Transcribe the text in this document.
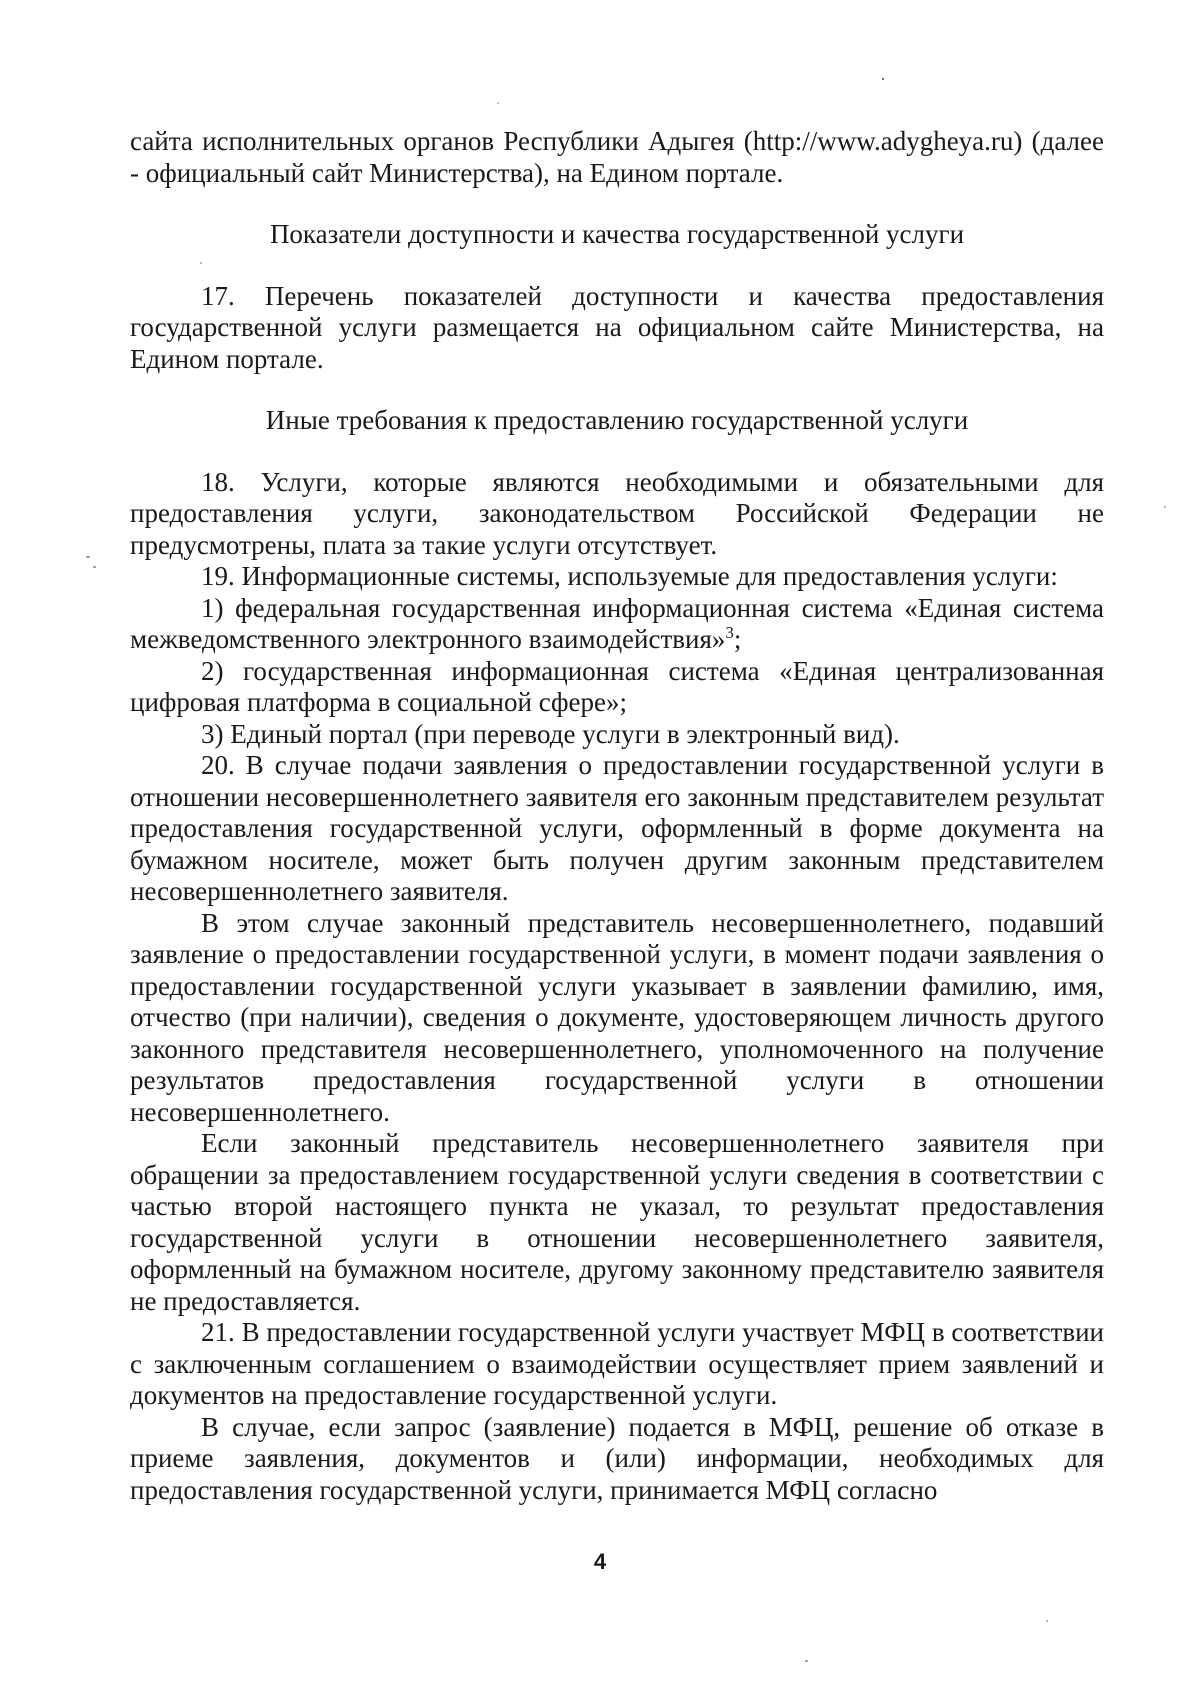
сайта исполнительных органов Республики Адыгея (http://www.adygheya.ru) (далее - официальный сайт Министерства), на Едином портале.

Показатели доступности и качества государственной услуги

17. Перечень показателей доступности и качества предоставления государственной услуги размещается на официальном сайте Министерства, на Едином портале.

Иные требования к предоставлению государственной услуги

18. Услуги, которые являются необходимыми и обязательными для предоставления услуги, законодательством Российской Федерации не предусмотрены, плата за такие услуги отсутствует.

19. Информационные системы, используемые для предоставления услуги:

1) федеральная государственная информационная система «Единая система межведомственного электронного взаимодействия»$^3$;

2) государственная информационная система «Единая централизованная цифровая платформа в социальной сфере»;

3) Единый портал (при переводе услуги в электронный вид).

20. В случае подачи заявления о предоставлении государственной услуги в отношении несовершеннолетнего заявителя его законным представителем результат предоставления государственной услуги, оформленный в форме документа на бумажном носителе, может быть получен другим законным представителем несовершеннолетнего заявителя.

В этом случае законный представитель несовершеннолетнего, подавший заявление о предоставлении государственной услуги, в момент подачи заявления о предоставлении государственной услуги указывает в заявлении фамилию, имя, отчество (при наличии), сведения о документе, удостоверяющем личность другого законного представителя несовершеннолетнего, уполномоченного на получение результатов предоставления государственной услуги в отношении несовершеннолетнего.

Если законный представитель несовершеннолетнего заявителя при обращении за предоставлением государственной услуги сведения в соответствии с частью второй настоящего пункта не указал, то результат предоставления государственной услуги в отношении несовершеннолетнего заявителя, оформленный на бумажном носителе, другому законному представителю заявителя не предоставляется.

21. В предоставлении государственной услуги участвует МФЦ в соответствии с заключенным соглашением о взаимодействии осуществляет прием заявлений и документов на предоставление государственной услуги.

В случае, если запрос (заявление) подается в МФЦ, решение об отказе в приеме заявления, документов и (или) информации, необходимых для предоставления государственной услуги, принимается МФЦ согласно

4
